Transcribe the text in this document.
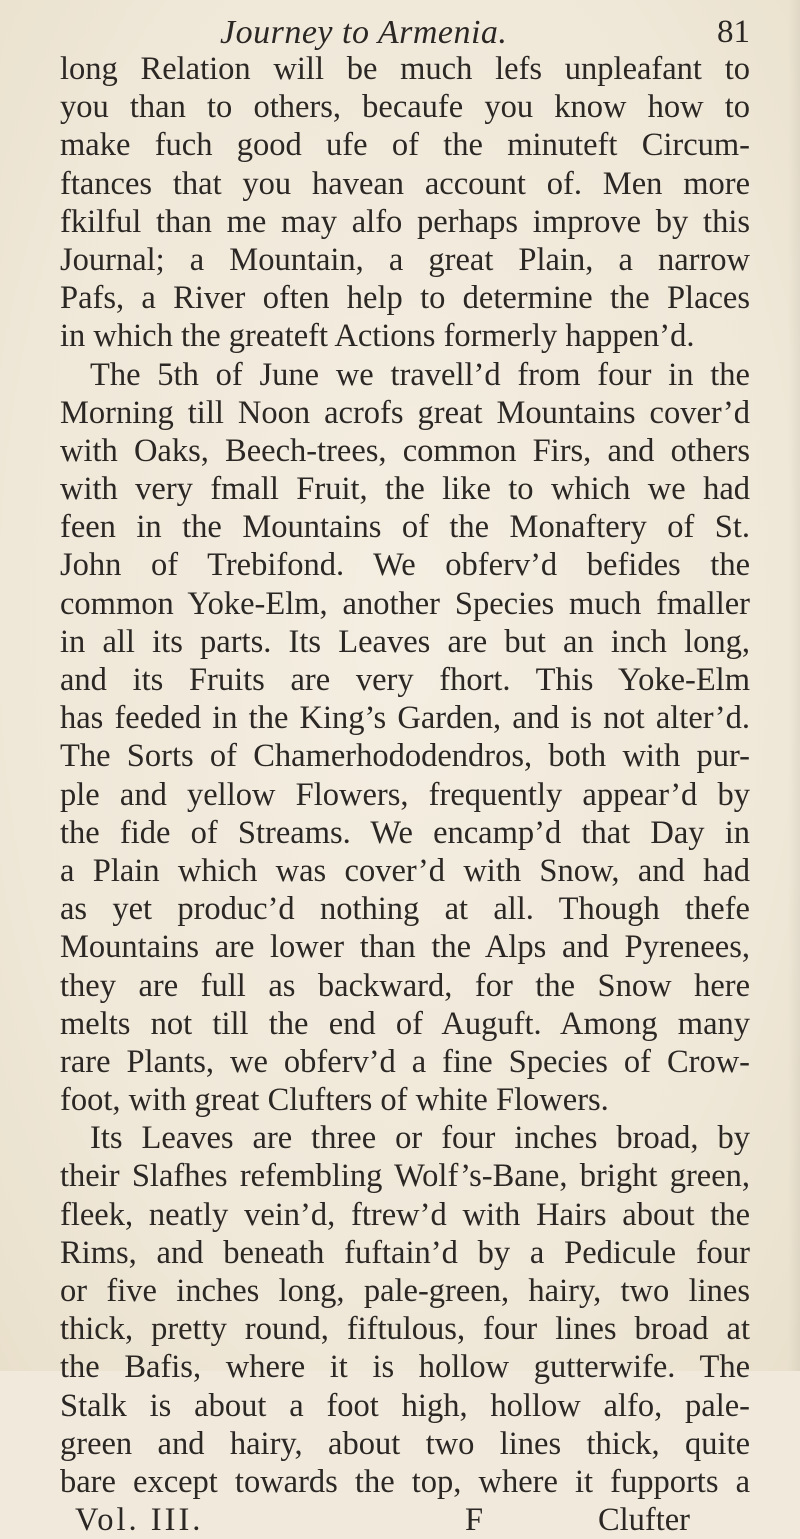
Journey to Armenia.	81
long Relation will be much lefs unpleafant to
you than to others, becaufe you know how to
make fuch good ufe of the minuteft Circum-
ftances that you havean account of. Men more
fkilful than me may alfo perhaps improve by this
Journal; a Mountain, a great Plain, a narrow
Pafs, a River often help to determine the Places
in which the greateft Actions formerly happen’d.
The 5th of June we travell’d from four in the
Morning till Noon acrofs great Mountains cover’d
with Oaks, Beech-trees, common Firs, and others
with very fmall Fruit, the like to which we had
feen in the Mountains of the Monaftery of St.
John of Trebifond. We obferv’d befides the
common Yoke-Elm, another Species much fmaller
in all its parts. Its Leaves are but an inch long,
and its Fruits are very fhort. This Yoke-Elm
has feeded in the King’s Garden, and is not alter’d.
The Sorts of Chamerhododendros, both with pur-
ple and yellow Flowers, frequently appear’d by
the fide of Streams. We encamp’d that Day in
a Plain which was cover’d with Snow, and had
as yet produc’d nothing at all. Though thefe
Mountains are lower than the Alps and Pyrenees,
they are full as backward, for the Snow here
melts not till the end of Auguft. Among many
rare Plants, we obferv’d a fine Species of Crow-
foot, with great Clufters of white Flowers.
Its Leaves are three or four inches broad, by
their Slafhes refembling Wolf’s-Bane, bright green,
fleek, neatly vein’d, ftrew’d with Hairs about the
Rims, and beneath fuftain’d by a Pedicule four
or five inches long, pale-green, hairy, two lines
thick, pretty round, fiftulous, four lines broad at
the Bafis, where it is hollow gutterwife. The
Stalk is about a foot high, hollow alfo, pale-
green and hairy, about two lines thick, quite
bare except towards the top, where it fupports a
Vol. III.	F	Clufter
